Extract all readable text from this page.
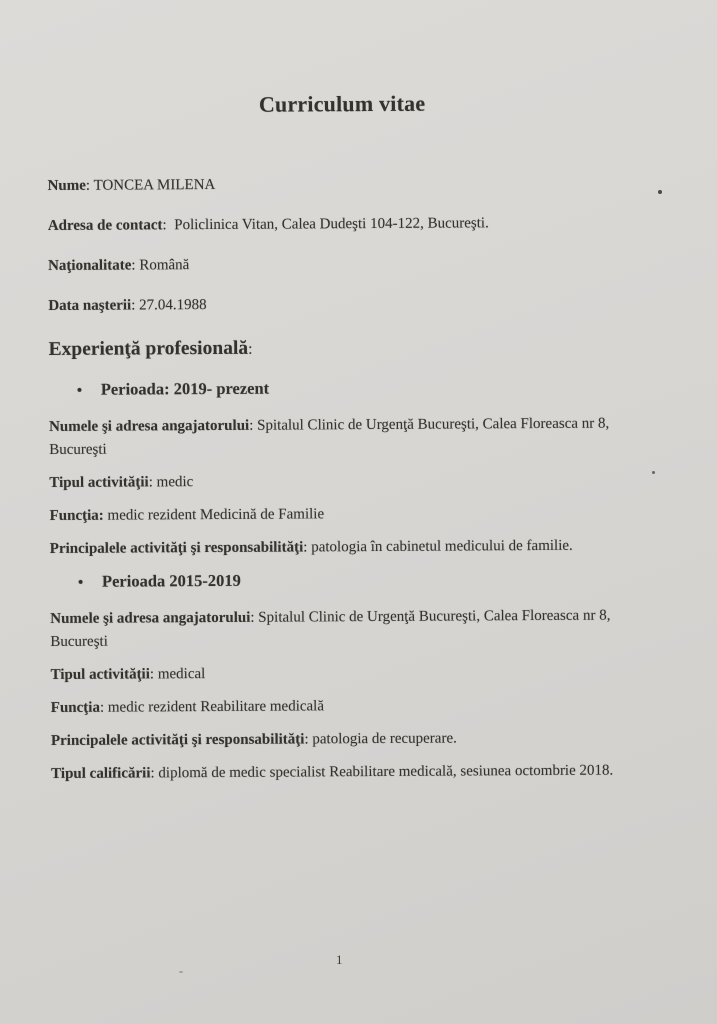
Curriculum vitae

Nume: TONCEA MILENA

Adresa de contact: Policlinica Vitan, Calea Dudeşti 104-122, Bucureşti.

Naţionalitate: Română

Data naşterii: 27.04.1988

Experienţă profesională:
• Perioada: 2019- prezent

Numele şi adresa angajatorului: Spitalul Clinic de Urgenţă Bucureşti, Calea Floreasca nr 8, Bucureşti

Tipul activităţii: medic

Funcţia: medic rezident Medicină de Familie

Principalele activităţi şi responsabilităţi: patologia în cabinetul medicului de familie.

• Perioada 2015-2019

Numele şi adresa angajatorului: Spitalul Clinic de Urgenţă Bucureşti, Calea Floreasca nr 8, Bucureşti

Tipul activităţii: medical

Funcţia: medic rezident Reabilitare medicală

Principalele activităţi şi responsabilităţi: patologia de recuperare.

Tipul calificării: diplomă de medic specialist Reabilitare medicală, sesiunea octombrie 2018.

1
